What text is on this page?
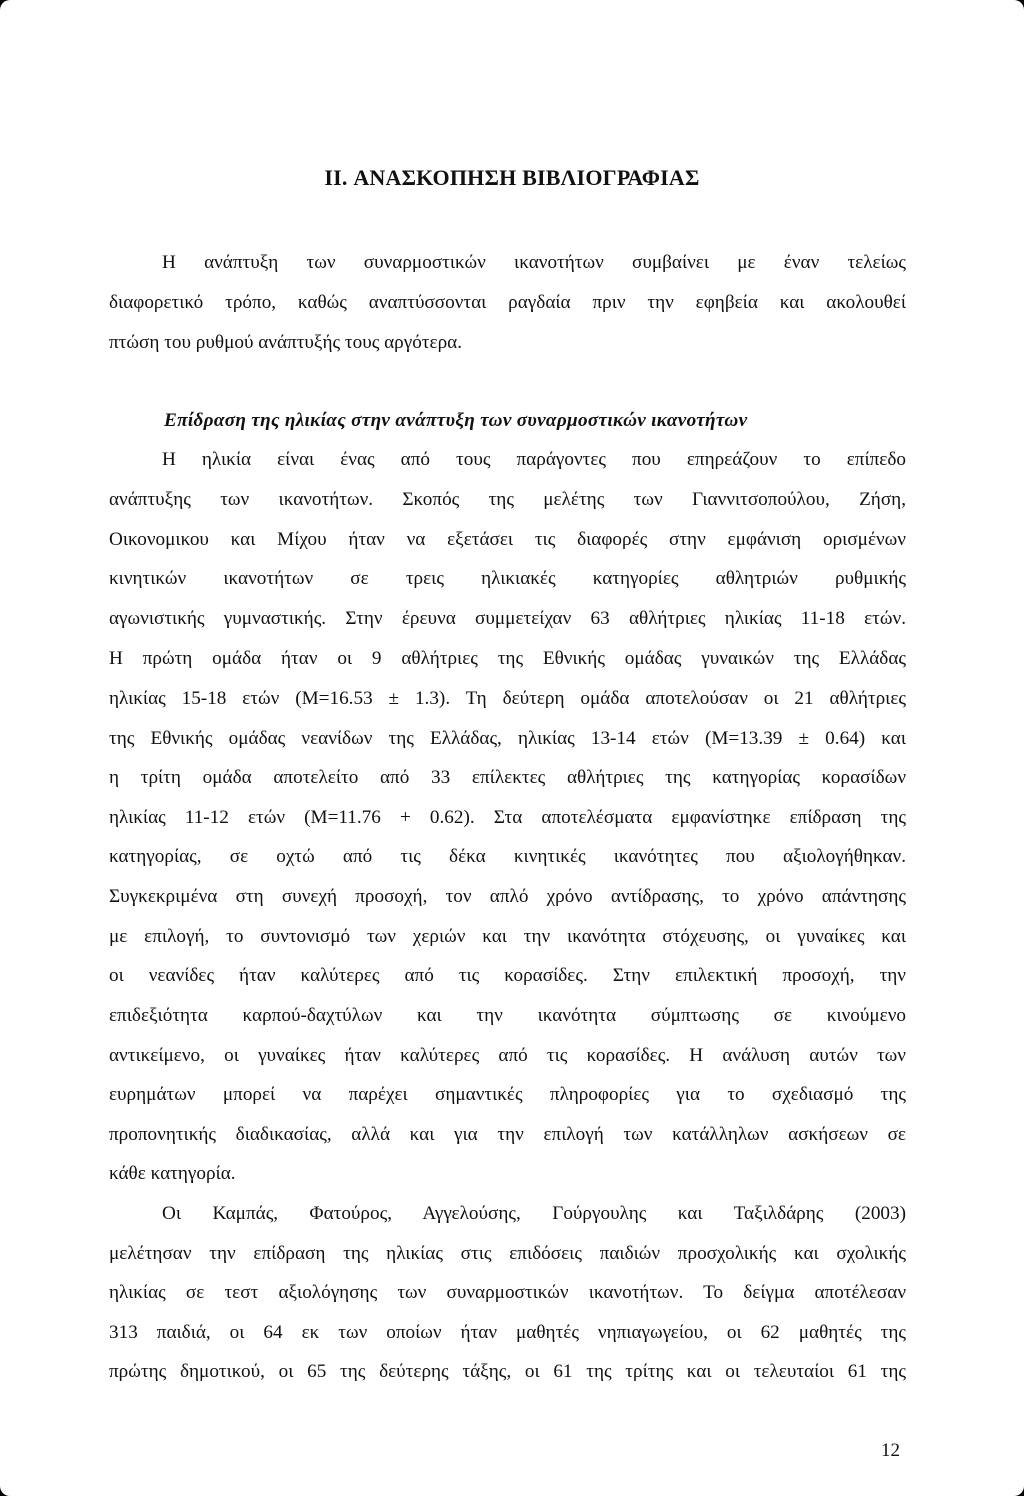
II. ΑΝΑΣΚΟΠΗΣΗ ΒΙΒΛΙΟΓΡΑΦΙΑΣ
Η ανάπτυξη των συναρμοστικών ικανοτήτων συμβαίνει με έναν τελείως
διαφορετικό τρόπο, καθώς αναπτύσσονται ραγδαία πριν την εφηβεία και ακολουθεί
πτώση του ρυθμού ανάπτυξής τους αργότερα.
Επίδραση της ηλικίας στην ανάπτυξη των συναρμοστικών ικανοτήτων
Η ηλικία είναι ένας από τους παράγοντες που επηρεάζουν το επίπεδο
ανάπτυξης των ικανοτήτων. Σκοπός της μελέτης των Γιαννιτσοπούλου, Ζήση,
Οικονομικου και Μίχου ήταν να εξετάσει τις διαφορές στην εμφάνιση ορισμένων
κινητικών ικανοτήτων σε τρεις ηλικιακές κατηγορίες αθλητριών ρυθμικής
αγωνιστικής γυμναστικής. Στην έρευνα συμμετείχαν 63 αθλήτριες ηλικίας 11-18 ετών.
Η πρώτη ομάδα ήταν οι 9 αθλήτριες της Εθνικής ομάδας γυναικών της Ελλάδας
ηλικίας 15-18 ετών (Μ=16.53 ± 1.3). Τη δεύτερη ομάδα αποτελούσαν οι 21 αθλήτριες
της Εθνικής ομάδας νεανίδων της Ελλάδας, ηλικίας 13-14 ετών (Μ=13.39 ± 0.64) και
η τρίτη ομάδα αποτελείτο από 33 επίλεκτες αθλήτριες της κατηγορίας κορασίδων
ηλικίας 11-12 ετών (Μ=11.76 + 0.62). Στα αποτελέσματα εμφανίστηκε επίδραση της
κατηγορίας, σε οχτώ από τις δέκα κινητικές ικανότητες που αξιολογήθηκαν.
Συγκεκριμένα στη συνεχή προσοχή, τον απλό χρόνο αντίδρασης, το χρόνο απάντησης
με επιλογή, το συντονισμό των χεριών και την ικανότητα στόχευσης, οι γυναίκες και
οι νεανίδες ήταν καλύτερες από τις κορασίδες. Στην επιλεκτική προσοχή, την
επιδεξιότητα καρπού-δαχτύλων και την ικανότητα σύμπτωσης σε κινούμενο
αντικείμενο, οι γυναίκες ήταν καλύτερες από τις κορασίδες. Η ανάλυση αυτών των
ευρημάτων μπορεί να παρέχει σημαντικές πληροφορίες για το σχεδιασμό της
προπονητικής διαδικασίας, αλλά και για την επιλογή των κατάλληλων ασκήσεων σε
κάθε κατηγορία.
Οι Καμπάς, Φατούρος, Αγγελούσης, Γούργουλης και Ταξιλδάρης (2003)
μελέτησαν την επίδραση της ηλικίας στις επιδόσεις παιδιών προσχολικής και σχολικής
ηλικίας σε τεστ αξιολόγησης των συναρμοστικών ικανοτήτων. Το δείγμα αποτέλεσαν
313 παιδιά, οι 64 εκ των οποίων ήταν μαθητές νηπιαγωγείου, οι 62 μαθητές της
πρώτης δημοτικού, οι 65 της δεύτερης τάξης, οι 61 της τρίτης και οι τελευταίοι 61 της
12
